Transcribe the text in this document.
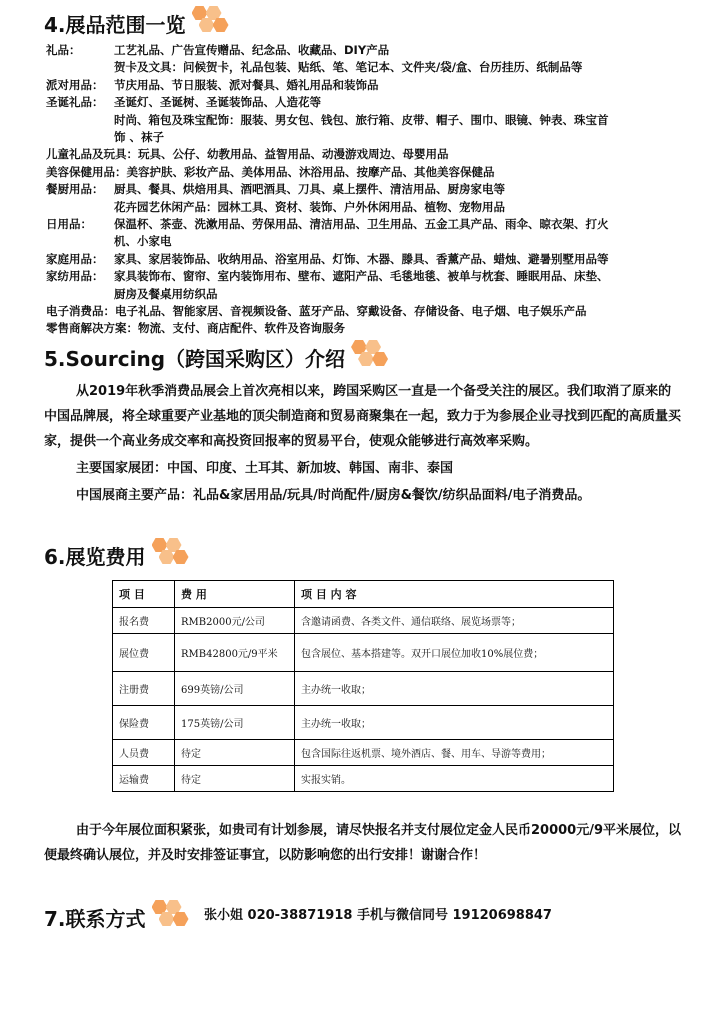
4.展品范围一览
礼品：	工艺礼品、广告宣传赠品、纪念品、收藏品、DIY产品
贺卡及文具：问候贺卡，礼品包装、贴纸、笔、笔记本、文件夹/袋/盒、台历挂历、纸制品等
派对用品： 节庆用品、节日服装、派对餐具、婚礼用品和装饰品
圣诞礼品： 圣诞灯、圣诞树、圣诞装饰品、人造花等
时尚、箱包及珠宝配饰：服装、男女包、钱包、旅行箱、皮带、帽子、围巾、眼镜、钟表、珠宝首
饰 、袜子
儿童礼品及玩具：玩具、公仔、幼教用品、益智用品、动漫游戏周边、母婴用品
美容保健用品：美容护肤、彩妆产品、美体用品、沐浴用品、按摩产品、其他美容保健品
餐厨用品： 厨具、餐具、烘焙用具、酒吧酒具、刀具、桌上摆件、清洁用品、厨房家电等
花卉园艺休闲产品：园林工具、资材、装饰、户外休闲用品、植物、宠物用品
日用品： 保温杯、茶壶、洗漱用品、劳保用品、清洁用品、卫生用品、五金工具产品、雨伞、晾衣架、打火
机、小家电
家庭用品： 家具、家居装饰品、收纳用品、浴室用品、灯饰、木器、滕具、香薰产品、蜡烛、避暑别墅用品等
家纺用品： 家具装饰布、窗帘、室内装饰用布、壁布、遮阳产品、毛毯地毯、被单与枕套、睡眠用品、床垫、
厨房及餐桌用纺织品
电子消费品：电子礼品、智能家居、音视频设备、蓝牙产品、穿戴设备、存储设备、电子烟、电子娱乐产品
零售商解决方案：物流、支付、商店配件、软件及咨询服务
5.Sourcing（跨国采购区）介绍
从2019年秋季消费品展会上首次亮相以来，跨国采购区一直是一个备受关注的展区。我们取消了原来的中国品牌展，将全球重要产业基地的顶尖制造商和贸易商聚集在一起，致力于为参展企业寻找到匹配的高质量买家，提供一个高业务成交率和高投资回报率的贸易平台，使观众能够进行高效率采购。
主要国家展团：中国、印度、土耳其、新加坡、韩国、南非、泰国
中国展商主要产品：礼品&家居用品/玩具/时尚配件/厨房&餐饮/纺织品面料/电子消费品。
6.展览费用
项 目	费 用	项 目 内 容
报名费	RMB2000元/公司	含邀请函费、各类文件、通信联络、展览场票等；
展位费	RMB42800元/9平米	包含展位、基本搭建等。双开口展位加收10%展位费；
注册费	699英镑/公司	主办统一收取；
保险费	175英镑/公司	主办统一收取；
人员费	待定	包含国际往返机票、境外酒店、餐、用车、导游等费用；
运输费	待定	实报实销。
由于今年展位面积紧张，如贵司有计划参展，请尽快报名并支付展位定金人民币20000元/9平米展位，以便最终确认展位，并及时安排签证事宜，以防影响您的出行安排！谢谢合作！
7.联系方式	张小姐 020-38871918 手机与微信同号 19120698847
